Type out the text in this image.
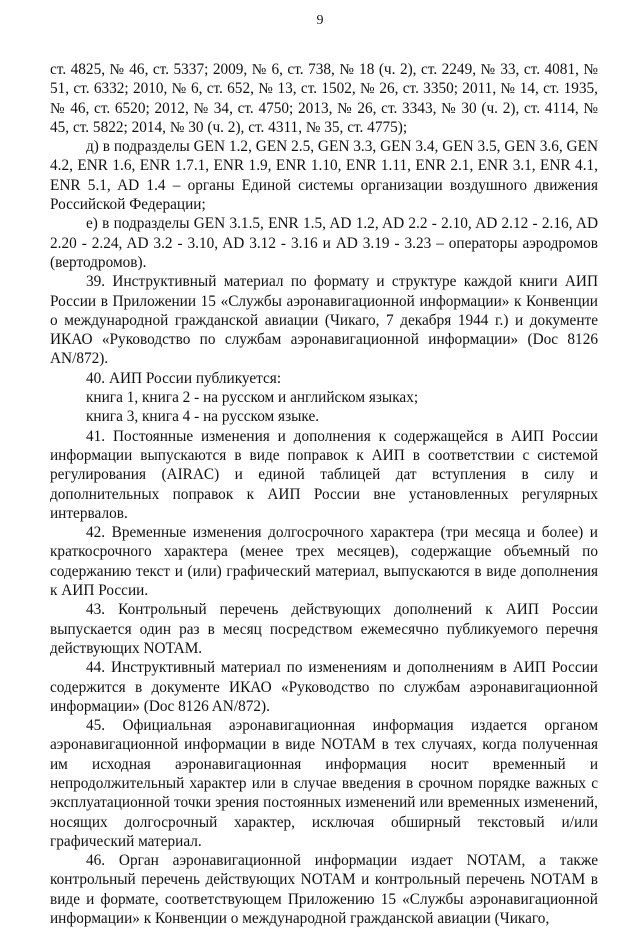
9

ст. 4825, № 46, ст. 5337; 2009, № 6, ст. 738, № 18 (ч. 2), ст. 2249, № 33, ст. 4081, № 51, ст. 6332; 2010, № 6, ст. 652, № 13, ст. 1502, № 26, ст. 3350; 2011, № 14, ст. 1935, № 46, ст. 6520; 2012, № 34, ст. 4750; 2013, № 26, ст. 3343, № 30 (ч. 2), ст. 4114, № 45, ст. 5822; 2014, № 30 (ч. 2), ст. 4311, № 35, ст. 4775);

д) в подразделы GEN 1.2, GEN 2.5, GEN 3.3, GEN 3.4, GEN 3.5, GEN 3.6, GEN 4.2, ENR 1.6, ENR 1.7.1, ENR 1.9, ENR 1.10, ENR 1.11, ENR 2.1, ENR 3.1, ENR 4.1, ENR 5.1, AD 1.4 – органы Единой системы организации воздушного движения Российской Федерации;

е) в подразделы GEN 3.1.5, ENR 1.5, AD 1.2, AD 2.2 - 2.10, AD 2.12 - 2.16, AD 2.20 - 2.24, AD 3.2 - 3.10, AD 3.12 - 3.16 и AD 3.19 - 3.23 – операторы аэродромов (вертодромов).

39. Инструктивный материал по формату и структуре каждой книги АИП России в Приложении 15 «Службы аэронавигационной информации» к Конвенции о международной гражданской авиации (Чикаго, 7 декабря 1944 г.) и документе ИКАО «Руководство по службам аэронавигационной информации» (Doc 8126 AN/872).

40. АИП России публикуется:

книга 1, книга 2 - на русском и английском языках;

книга 3, книга 4 - на русском языке.

41. Постоянные изменения и дополнения к содержащейся в АИП России информации выпускаются в виде поправок к АИП в соответствии с системой регулирования (AIRAC) и единой таблицей дат вступления в силу и дополнительных поправок к АИП России вне установленных регулярных интервалов.

42. Временные изменения долгосрочного характера (три месяца и более) и краткосрочного характера (менее трех месяцев), содержащие объемный по содержанию текст и (или) графический материал, выпускаются в виде дополнения к АИП России.

43. Контрольный перечень действующих дополнений к АИП России выпускается один раз в месяц посредством ежемесячно публикуемого перечня действующих NOTAM.

44. Инструктивный материал по изменениям и дополнениям в АИП России содержится в документе ИКАО «Руководство по службам аэронавигационной информации» (Doc 8126 AN/872).

45. Официальная аэронавигационная информация издается органом аэронавигационной информации в виде NOTAM в тех случаях, когда полученная им исходная аэронавигационная информация носит временный и непродолжительный характер или в случае введения в срочном порядке важных с эксплуатационной точки зрения постоянных изменений или временных изменений, носящих долгосрочный характер, исключая обширный текстовый и/или графический материал.

46. Орган аэронавигационной информации издает NOTAM, а также контрольный перечень действующих NOTAM и контрольный перечень NOTAM в виде и формате, соответствующем Приложению 15 «Службы аэронавигационной информации» к Конвенции о международной гражданской авиации (Чикаго,
